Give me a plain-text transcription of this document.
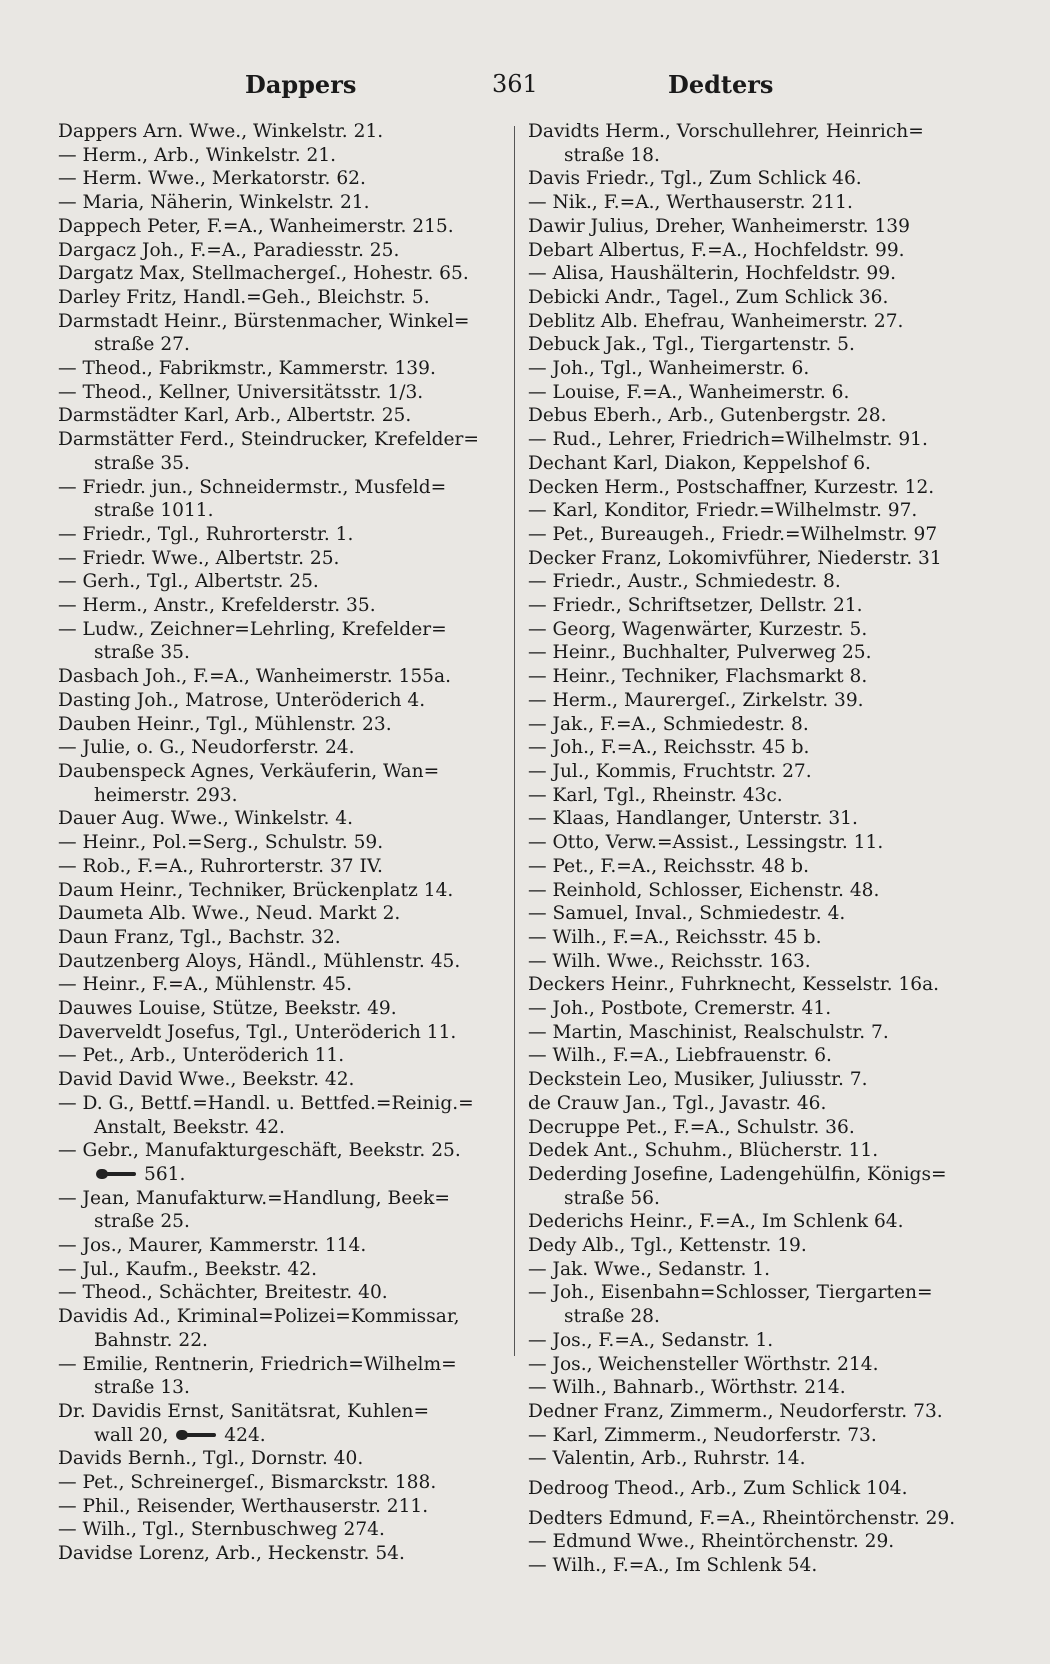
Dappers	361	Dedters
Dappers Arn. Wwe., Winkelstr. 21.
— Herm., Arb., Winkelstr. 21.
— Herm. Wwe., Merkatorstr. 62.
— Maria, Näherin, Winkelstr. 21.
Dappech Peter, F.=A., Wanheimerstr. 215.
Dargacz Joh., F.=A., Paradiesstr. 25.
Dargatz Max, Stellmachergeſ., Hohestr. 65.
Darley Fritz, Handl.=Geh., Bleichstr. 5.
Darmstadt Heinr., Bürstenmacher, Winkel=
straße 27.
— Theod., Fabrikmstr., Kammerstr. 139.
— Theod., Kellner, Universitätsstr. 1/3.
Darmstädter Karl, Arb., Albertstr. 25.
Darmstätter Ferd., Steindrucker, Krefelder=
straße 35.
— Friedr. jun., Schneidermstr., Musfeld=
straße 1011.
— Friedr., Tgl., Ruhrorterstr. 1.
— Friedr. Wwe., Albertstr. 25.
— Gerh., Tgl., Albertstr. 25.
— Herm., Anstr., Krefelderstr. 35.
— Ludw., Zeichner=Lehrling, Krefelder=
straße 35.
Dasbach Joh., F.=A., Wanheimerstr. 155a.
Dasting Joh., Matrose, Unteröderich 4.
Dauben Heinr., Tgl., Mühlenstr. 23.
— Julie, o. G., Neudorferstr. 24.
Daubenspeck Agnes, Verkäuferin, Wan=
heimerstr. 293.
Dauer Aug. Wwe., Winkelstr. 4.
— Heinr., Pol.=Serg., Schulstr. 59.
— Rob., F.=A., Ruhrorterstr. 37 IV.
Daum Heinr., Techniker, Brückenplatz 14.
Daumeta Alb. Wwe., Neud. Markt 2.
Daun Franz, Tgl., Bachstr. 32.
Dautzenberg Aloys, Händl., Mühlenstr. 45.
— Heinr., F.=A., Mühlenstr. 45.
Dauwes Louise, Stütze, Beekstr. 49.
Daverveldt Josefus, Tgl., Unteröderich 11.
— Pet., Arb., Unteröderich 11.
David David Wwe., Beekstr. 42.
— D. G., Bettf.=Handl. u. Bettfed.=Reinig.=
Anstalt, Beekstr. 42.
— Gebr., Manufakturgeschäft, Beekstr. 25.
561.
— Jean, Manufakturw.=Handlung, Beek=
straße 25.
— Jos., Maurer, Kammerstr. 114.
— Jul., Kaufm., Beekstr. 42.
— Theod., Schächter, Breitestr. 40.
Davidis Ad., Kriminal=Polizei=Kommissar,
Bahnstr. 22.
— Emilie, Rentnerin, Friedrich=Wilhelm=
straße 13.
Dr. Davidis Ernst, Sanitätsrat, Kuhlen=
wall 20,	424.
Davids Bernh., Tgl., Dornstr. 40.
— Pet., Schreinergeſ., Bismarckstr. 188.
— Phil., Reisender, Werthauserstr. 211.
— Wilh., Tgl., Sternbuschweg 274.
Davidse Lorenz, Arb., Heckenstr. 54.
Davidts Herm., Vorschullehrer, Heinrich=
straße 18.
Davis Friedr., Tgl., Zum Schlick 46.
— Nik., F.=A., Werthauserstr. 211.
Dawir Julius, Dreher, Wanheimerstr. 139
Debart Albertus, F.=A., Hochfeldstr. 99.
— Alisa, Haushälterin, Hochfeldstr. 99.
Debicki Andr., Tagel., Zum Schlick 36.
Deblitz Alb. Ehefrau, Wanheimerstr. 27.
Debuck Jak., Tgl., Tiergartenstr. 5.
— Joh., Tgl., Wanheimerstr. 6.
— Louise, F.=A., Wanheimerstr. 6.
Debus Eberh., Arb., Gutenbergstr. 28.
— Rud., Lehrer, Friedrich=Wilhelmstr. 91.
Dechant Karl, Diakon, Keppelshof 6.
Decken Herm., Postschaffner, Kurzestr. 12.
— Karl, Konditor, Friedr.=Wilhelmstr. 97.
— Pet., Bureaugeh., Friedr.=Wilhelmstr. 97
Decker Franz, Lokomivführer, Niederstr. 31
— Friedr., Austr., Schmiedestr. 8.
— Friedr., Schriftsetzer, Dellstr. 21.
— Georg, Wagenwärter, Kurzestr. 5.
— Heinr., Buchhalter, Pulverweg 25.
— Heinr., Techniker, Flachsmarkt 8.
— Herm., Maurergeſ., Zirkelstr. 39.
— Jak., F.=A., Schmiedestr. 8.
— Joh., F.=A., Reichsstr. 45 b.
— Jul., Kommis, Fruchtstr. 27.
— Karl, Tgl., Rheinstr. 43c.
— Klaas, Handlanger, Unterstr. 31.
— Otto, Verw.=Assist., Lessingstr. 11.
— Pet., F.=A., Reichsstr. 48 b.
— Reinhold, Schlosser, Eichenstr. 48.
— Samuel, Inval., Schmiedestr. 4.
— Wilh., F.=A., Reichsstr. 45 b.
— Wilh. Wwe., Reichsstr. 163.
Deckers Heinr., Fuhrknecht, Kesselstr. 16a.
— Joh., Postbote, Cremerstr. 41.
— Martin, Maschinist, Realschulstr. 7.
— Wilh., F.=A., Liebfrauenstr. 6.
Deckstein Leo, Musiker, Juliusstr. 7.
de Crauw Jan., Tgl., Javastr. 46.
Decruppe Pet., F.=A., Schulstr. 36.
Dedek Ant., Schuhm., Blücherstr. 11.
Dederding Josefine, Ladengehülfin, Königs=
straße 56.
Dederichs Heinr., F.=A., Im Schlenk 64.
Dedy Alb., Tgl., Kettenstr. 19.
— Jak. Wwe., Sedanstr. 1.
— Joh., Eisenbahn=Schlosser, Tiergarten=
straße 28.
— Jos., F.=A., Sedanstr. 1.
— Jos., Weichensteller Wörthstr. 214.
— Wilh., Bahnarb., Wörthstr. 214.
Dedner Franz, Zimmerm., Neudorferstr. 73.
— Karl, Zimmerm., Neudorferstr. 73.
— Valentin, Arb., Ruhrstr. 14.
Dedroog Theod., Arb., Zum Schlick 104.
Dedters Edmund, F.=A., Rheintörchenstr. 29.
— Edmund Wwe., Rheintörchenstr. 29.
— Wilh., F.=A., Im Schlenk 54.
